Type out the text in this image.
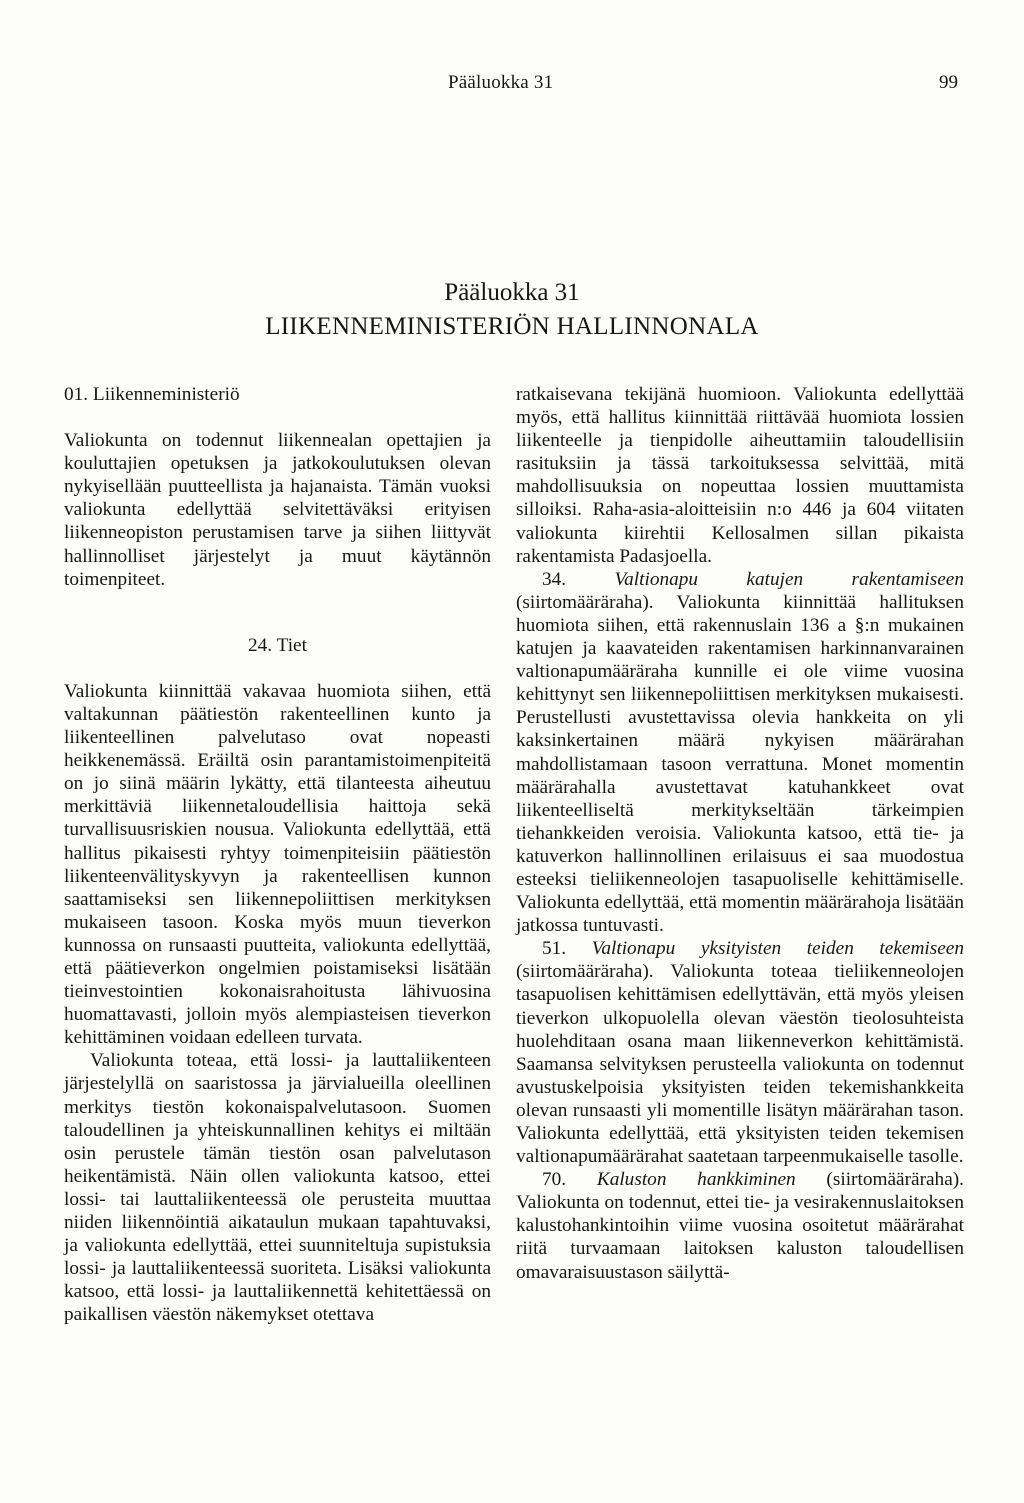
Pääluokka 31	99
Pääluokka 31
LIIKENNEMINISTERIÖN HALLINNONALA
01. Liikenneministeriö

Valiokunta on todennut liikennealan opettajien ja kouluttajien opetuksen ja jatkokoulutuksen olevan nykyisellään puutteellista ja hajanaista. Tämän vuoksi valiokunta edellyttää selvitettäväksi erityisen liikenneopiston perustamisen tarve ja siihen liittyvät hallinnolliset järjestelyt ja muut käytännön toimenpiteet.

24. Tiet

Valiokunta kiinnittää vakavaa huomiota siihen, että valtakunnan päätiestön rakenteellinen kunto ja liikenteellinen palvelutaso ovat nopeasti heikkenemässä. Eräiltä osin parantamistoimenpiteitä on jo siinä määrin lykätty, että tilanteesta aiheutuu merkittäviä liikennetaloudellisia haittoja sekä turvallisuusriskien nousua. Valiokunta edellyttää, että hallitus pikaisesti ryhtyy toimenpiteisiin päätiestön liikenteenvälityskyvyn ja rakenteellisen kunnon saattamiseksi sen liikennepoliittisen merkityksen mukaiseen tasoon. Koska myös muun tieverkon kunnossa on runsaasti puutteita, valiokunta edellyttää, että päätieverkon ongelmien poistamiseksi lisätään tieinvestointien kokonaisrahoitusta lähivuosina huomattavasti, jolloin myös alempiasteisen tieverkon kehittäminen voidaan edelleen turvata.

Valiokunta toteaa, että lossi- ja lauttaliikenteen järjestelyllä on saaristossa ja järvialueilla oleellinen merkitys tiestön kokonaispalvelutasoon. Suomen taloudellinen ja yhteiskunnallinen kehitys ei miltään osin perustele tämän tiestön osan palvelutason heikentämistä. Näin ollen valiokunta katsoo, ettei lossi- tai lauttaliikenteessä ole perusteita muuttaa niiden liikennöintiä aikataulun mukaan tapahtuvaksi, ja valiokunta edellyttää, ettei suunniteltuja supistuksia lossi- ja lauttaliikenteessä suoriteta. Lisäksi valiokunta katsoo, että lossi- ja lauttaliikennettä kehitettäessä on paikallisen väestön näkemykset otettava

ratkaisevana tekijänä huomioon. Valiokunta edellyttää myös, että hallitus kiinnittää riittävää huomiota lossien liikenteelle ja tienpidolle aiheuttamiin taloudellisiin rasituksiin ja tässä tarkoituksessa selvittää, mitä mahdollisuuksia on nopeuttaa lossien muuttamista silloiksi. Raha-asia-aloitteisiin n:o 446 ja 604 viitaten valiokunta kiirehtii Kellosalmen sillan pikaista rakentamista Padasjoella.

34.	Valtionapu katujen rakentamiseen (siirtomääräraha). Valiokunta kiinnittää hallituksen huomiota siihen, että rakennuslain 136 a §:n mukainen katujen ja kaavateiden rakentamisen harkinnanvarainen valtionapumääräraha kunnille ei ole viime vuosina kehittynyt sen liikennepoliittisen merkityksen mukaisesti. Perustellusti avustettavissa olevia hankkeita on yli kaksinkertainen määrä nykyisen määrärahan mahdollistamaan tasoon verrattuna. Monet momentin määrärahalla avustettavat katuhankkeet ovat liikenteelliseltä merkitykseltään tärkeimpien tiehankkeiden veroisia. Valiokunta katsoo, että tie- ja katuverkon hallinnollinen erilaisuus ei saa muodostua esteeksi tieliikenneolojen tasapuoliselle kehittämiselle. Valiokunta edellyttää, että momentin määrärahoja lisätään jatkossa tuntuvasti.

51. Valtionapu yksityisten teiden tekemiseen (siirtomääräraha). Valiokunta toteaa tieliikenneolojen tasapuolisen kehittämisen edellyttävän, että myös yleisen tieverkon ulkopuolella olevan väestön tieolosuhteista huolehditaan osana maan liikenneverkon kehittämistä. Saamansa selvityksen perusteella valiokunta on todennut avustuskelpoisia yksityisten teiden tekemishankkeita olevan runsaasti yli momentille lisätyn määrärahan tason. Valiokunta edellyttää, että yksityisten teiden tekemisen valtionapumäärärahat saatetaan tarpeenmukaiselle tasolle.

70. Kaluston hankkiminen (siirtomääräraha). Valiokunta on todennut, ettei tie- ja vesirakennuslaitoksen kalustohankintoihin viime vuosina osoitetut määrärahat riitä turvaamaan laitoksen kaluston taloudellisen omavaraisuustason säilyttä-
